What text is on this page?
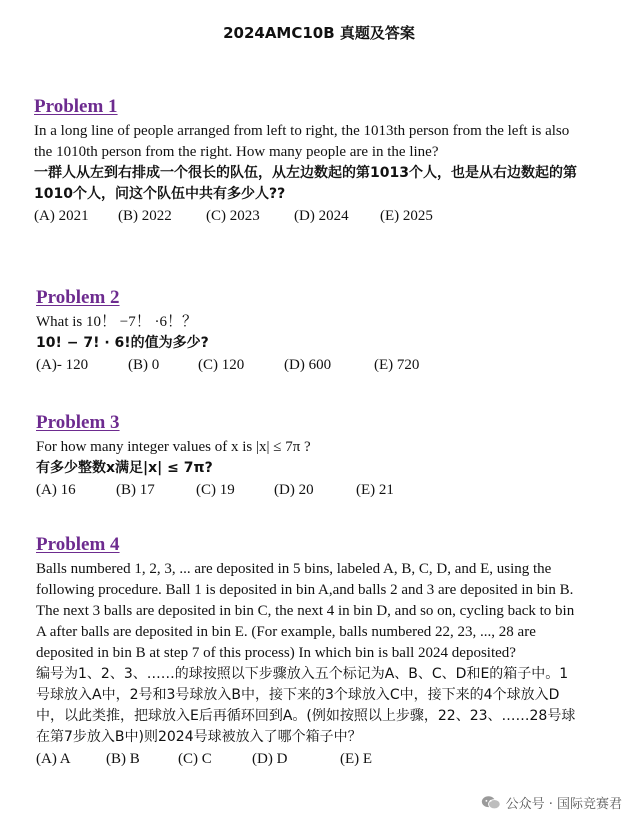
2024AMC10B 真题及答案
Problem 1
In a long line of people arranged from left to right, the 1013th person from the left is also the 1010th person from the right. How many people are in the line?
一群人从左到右排成一个很长的队伍，从左边数起的第1013个人，也是从右边数起的第1010个人，问这个队伍中共有多少人??
(A) 2021 (B) 2022 (C) 2023 (D) 2024 (E) 2025
Problem 2
What is 10！ −7！ ·6！？
10! − 7! · 6!的值为多少?
(A)- 120	(B) 0	(C) 120	(D) 600	(E) 720
Problem 3
For how many integer values of x is |x| ≤ 7π ?
有多少整数x满足|x| ≤ 7π?
(A) 16	(B) 17	(C) 19	(D) 20	(E) 21
Problem 4
Balls numbered 1, 2, 3, ... are deposited in 5 bins, labeled A, B, C, D, and E, using the following procedure. Ball 1 is deposited in bin A,and balls 2 and 3 are deposited in bin B. The next 3 balls are deposited in bin C, the next 4 in bin D, and so on, cycling back to bin A after balls are deposited in bin E. (For example, balls numbered 22, 23, ..., 28 are deposited in bin B at step 7 of this process) In which bin is ball 2024 deposited?
编号为1、2、3、……的球按照以下步骤放入五个标记为A、B、C、D和E的箱子中。1号球放入A中，2号和3号球放入B中，接下来的3个球放入C中，接下来的4个球放入D中，以此类推，把球放入E后再循环回到A。(例如按照以上步骤，22、23、……28号球在第7步放入B中)则2024号球被放入了哪个箱子中？
(A) A (B) B	(C) C	(D) D	(E) E
公众号 · 国际竞赛君
